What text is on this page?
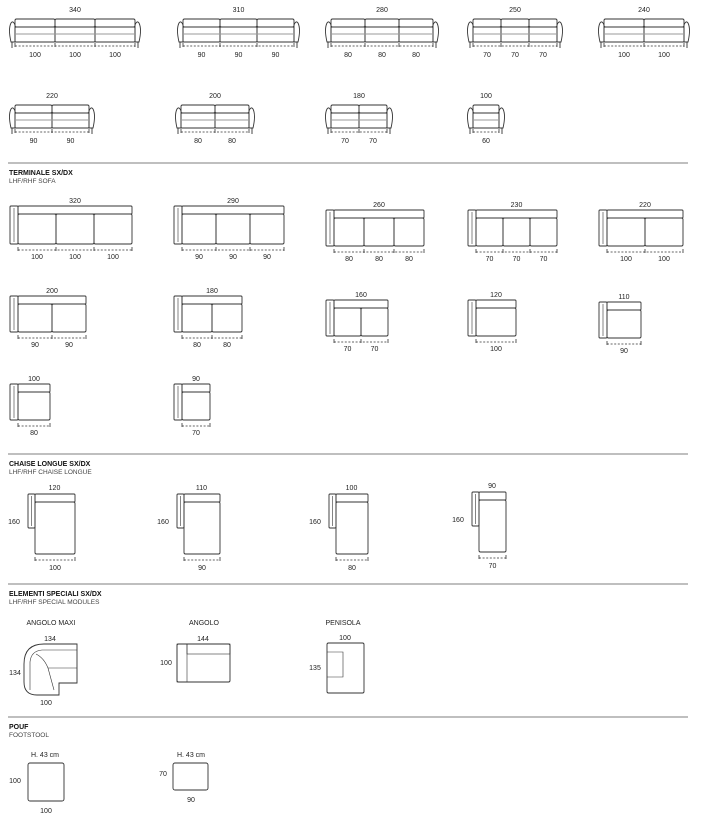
340
100	100	100
310
90	90	90
280
80	80	80
250
70	70	70
240
100	100
220
90	90
200
80	80
180
70	70
100
60
TERMINALE SX/DX
LHF/RHF SOFA
320
100	100	100
290
90	90	90
260
80	80	80
230
70	70	70
220
100	100
200
90	90
180
80	80
160
70	70
120
100
110
90
100
80
90
70
CHAISE LONGUE SX/DX
LHF/RHF CHAISE LONGUE
120
160
100
110
160
90
100
160
80
90
160
70
ELEMENTI SPECIALI SX/DX
LHF/RHF SPECIAL MODULES
ANGOLO MAXI
134
134
100
ANGOLO
144
100
PENISOLA
100
135
POUF
FOOTSTOOL
H. 43 cm
100
100
H. 43 cm
70
90
